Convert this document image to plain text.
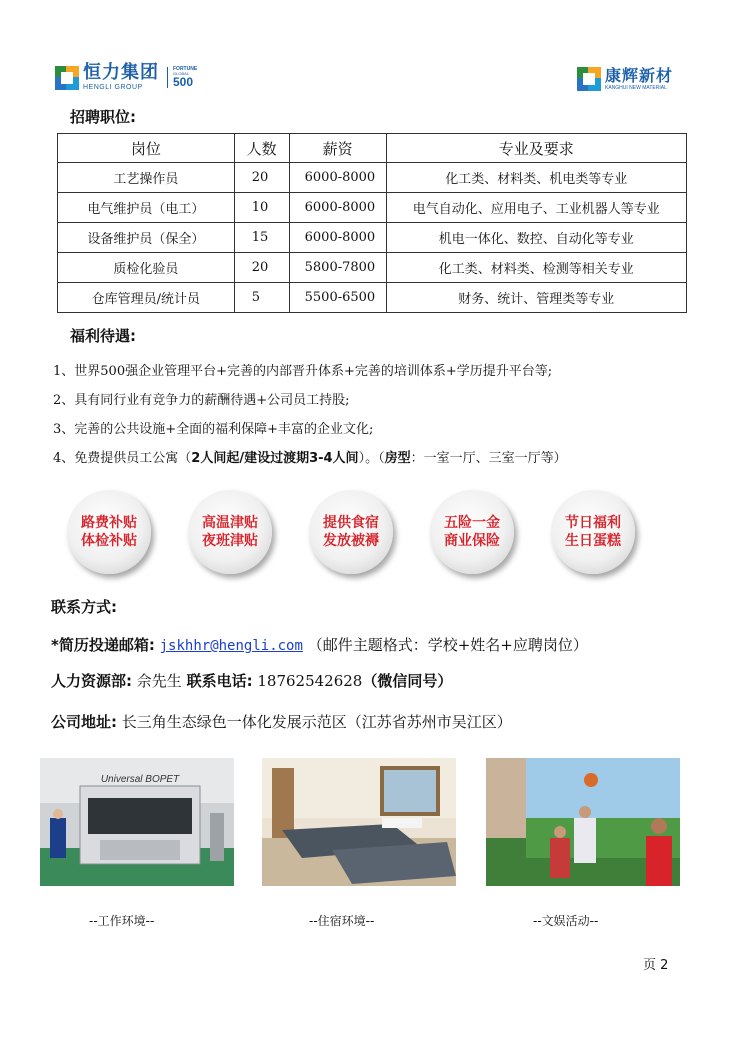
恒力集团
HENGLI GROUP
FORTUNE
GLOBAL
500	康辉新材
KANGHUI NEW MATERIAL
招聘职位:
岗位	人数	薪资	专业及要求
工艺操作员	20	6000-8000	化工类、材料类、机电类等专业
电气维护员（电工）	10	6000-8000	电气自动化、应用电子、工业机器人等专业
设备维护员（保全）	15	6000-8000	机电一体化、数控、自动化等专业
质检化验员	20	5800-7800	化工类、材料类、检测等相关专业
仓库管理员/统计员	5	5500-6500	财务、统计、管理类等专业
福利待遇:
1、世界500强企业管理平台+完善的内部晋升体系+完善的培训体系+学历提升平台等;
2、具有同行业有竞争力的薪酬待遇+公司员工持股;
3、完善的公共设施+全面的福利保障+丰富的企业文化;
4、免费提供员工公寓（2人间起/建设过渡期3-4人间）。（房型：一室一厅、三室一厅等）
路费补贴
体检补贴
高温津贴
夜班津贴
提供食宿
发放被褥
五险一金
商业保险
节日福利
生日蛋糕
联系方式:
*简历投递邮箱: jskhhr@hengli.com （邮件主题格式：学校+姓名+应聘岗位）
人力资源部: 佘先生 联系电话: 18762542628（微信同号）
公司地址: 长三角生态绿色一体化发展示范区（江苏省苏州市吴江区）
Universal BOPET
--工作环境--	--住宿环境--	--文娱活动--
页 2
